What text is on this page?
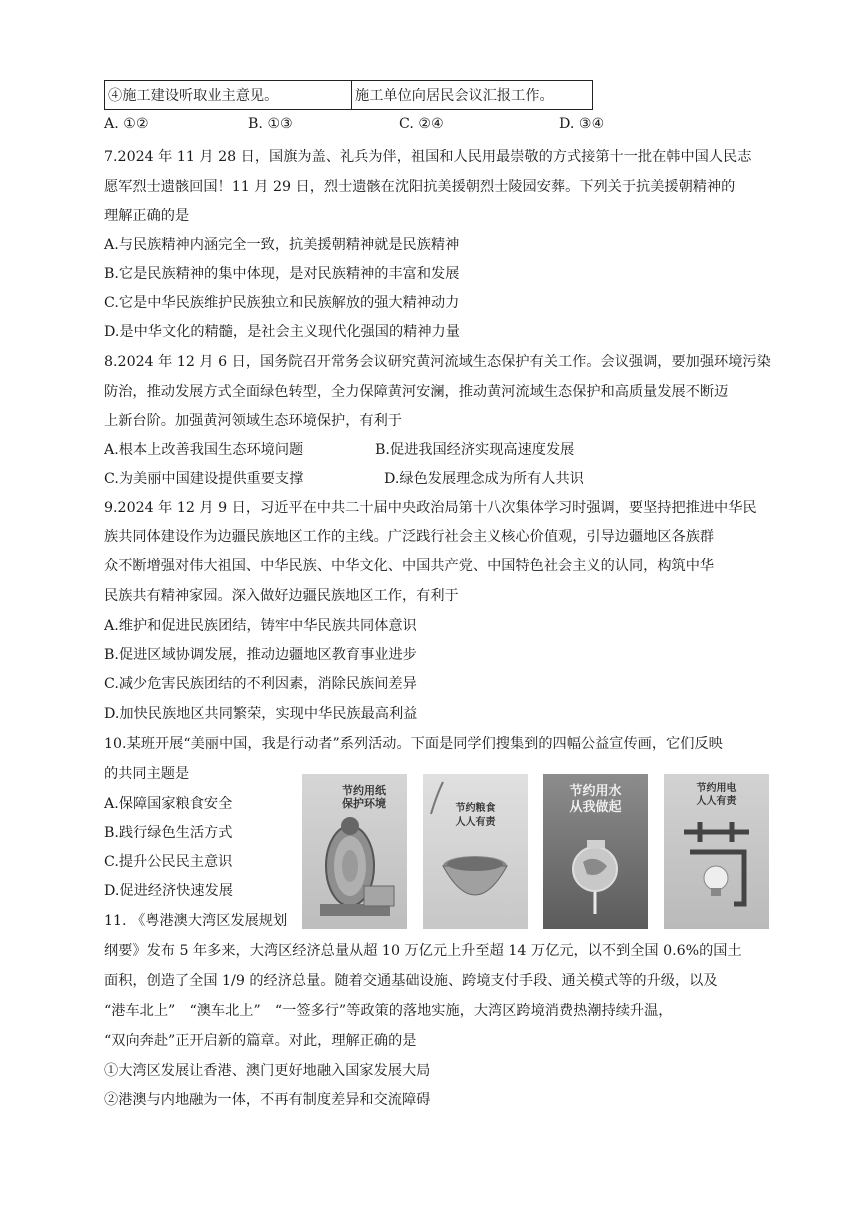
④施工建设听取业主意见。	施工单位向居民会议汇报工作。
A. ①②	B. ①③	C. ②④	D. ③④
7.2024 年 11 月 28 日，国旗为盖、礼兵为伴，祖国和人民用最崇敬的方式接第十一批在韩中国人民志
愿军烈士遗骸回国！11 月 29 日，烈士遗骸在沈阳抗美援朝烈士陵园安葬。下列关于抗美援朝精神的
理解正确的是
A.与民族精神内涵完全一致，抗美援朝精神就是民族精神
B.它是民族精神的集中体现，是对民族精神的丰富和发展
C.它是中华民族维护民族独立和民族解放的强大精神动力
D.是中华文化的精髓，是社会主义现代化强国的精神力量
8.2024 年 12 月 6 日，国务院召开常务会议研究黄河流域生态保护有关工作。会议强调，要加强环境污染
防治，推动发展方式全面绿色转型，全力保障黄河安澜，推动黄河流域生态保护和高质量发展不断迈
上新台阶。加强黄河领域生态环境保护，有利于
A.根本上改善我国生态环境问题	B.促进我国经济实现高速度发展
C.为美丽中国建设提供重要支撑	D.绿色发展理念成为所有人共识
9.2024 年 12 月 9 日，习近平在中共二十届中央政治局第十八次集体学习时强调，要坚持把推进中华民
族共同体建设作为边疆民族地区工作的主线。广泛践行社会主义核心价值观，引导边疆地区各族群
众不断增强对伟大祖国、中华民族、中华文化、中国共产党、中国特色社会主义的认同，构筑中华
民族共有精神家园。深入做好边疆民族地区工作，有利于
A.维护和促进民族团结，铸牢中华民族共同体意识
B.促进区域协调发展，推动边疆地区教育事业进步
C.减少危害民族团结的不利因素，消除民族间差异
D.加快民族地区共同繁荣，实现中华民族最高利益
10.某班开展“美丽中国，我是行动者”系列活动。下面是同学们搜集到的四幅公益宣传画，它们反映
的共同主题是
A.保障国家粮食安全
B.践行绿色生活方式
C.提升公民民主意识
D.促进经济快速发展
节约用纸
保护环境	节约粮食
人人有责
节约用水
从我做起
节约用电
人人有责
11. 《粤港澳大湾区发展规划
纲要》发布 5 年多来，大湾区经济总量从超 10 万亿元上升至超 14 万亿元，以不到全国 0.6%的国土
面积，创造了全国 1/9 的经济总量。随着交通基础设施、跨境支付手段、通关模式等的升级，以及
“港车北上”　“澳车北上”　“一签多行”等政策的落地实施，大湾区跨境消费热潮持续升温，
“双向奔赴”正开启新的篇章。对此，理解正确的是
①大湾区发展让香港、澳门更好地融入国家发展大局
②港澳与内地融为一体，不再有制度差异和交流障碍
